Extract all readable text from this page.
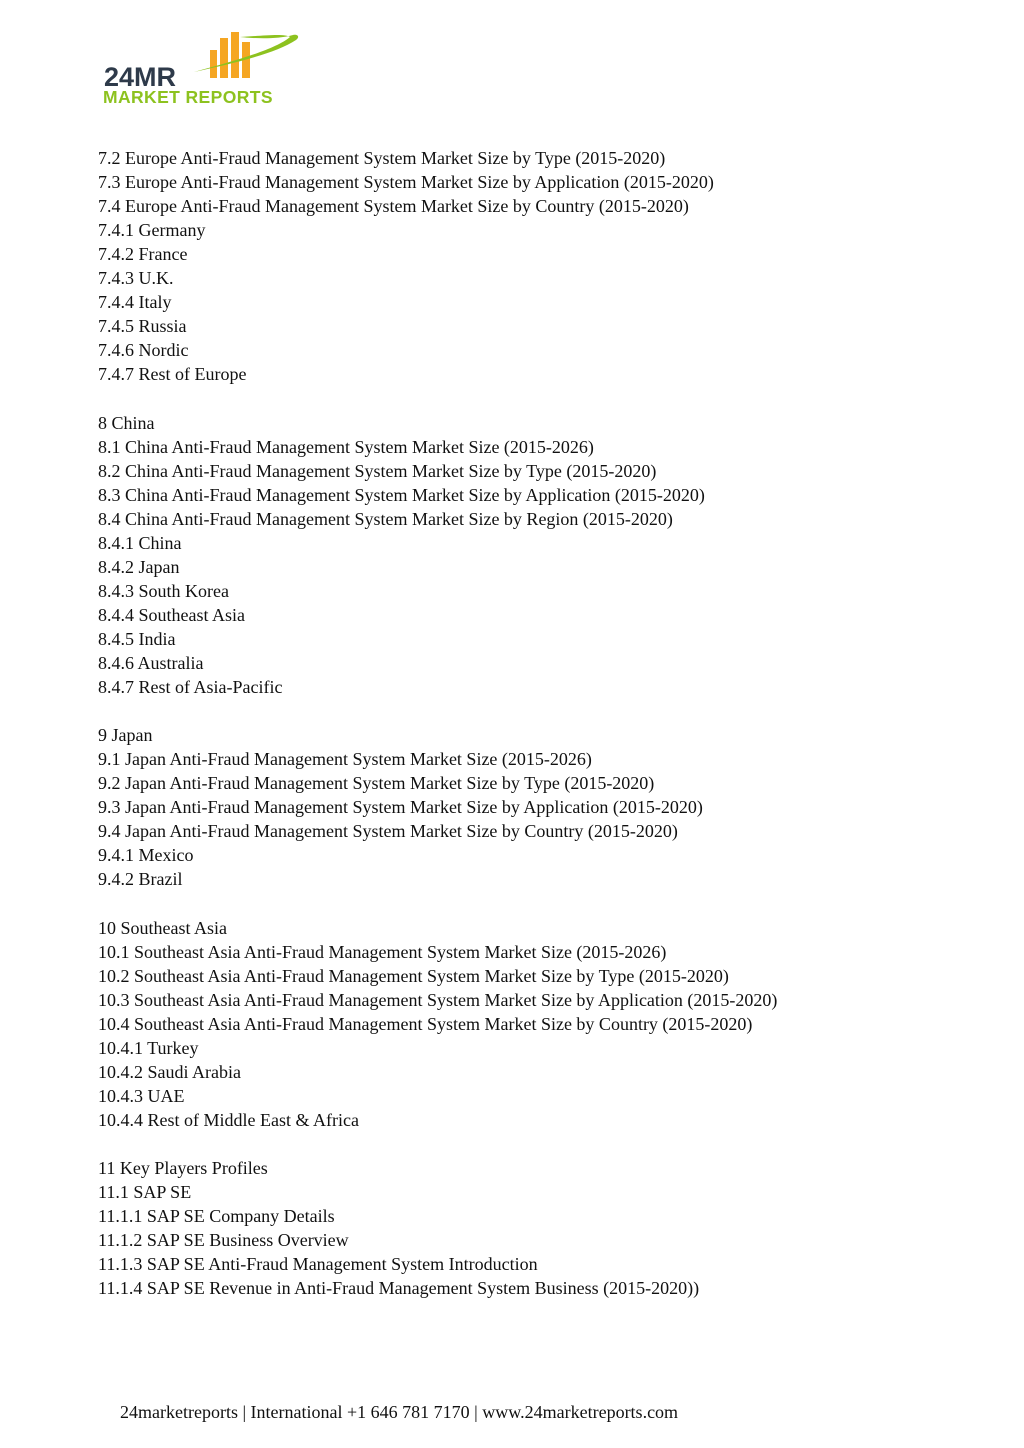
24MR
MARKET REPORTS
7.2 Europe Anti-Fraud Management System Market Size by Type (2015-2020)
7.3 Europe Anti-Fraud Management System Market Size by Application (2015-2020)
7.4 Europe Anti-Fraud Management System Market Size by Country (2015-2020)
7.4.1 Germany
7.4.2 France
7.4.3 U.K.
7.4.4 Italy
7.4.5 Russia
7.4.6 Nordic
7.4.7 Rest of Europe
8 China
8.1 China Anti-Fraud Management System Market Size (2015-2026)
8.2 China Anti-Fraud Management System Market Size by Type (2015-2020)
8.3 China Anti-Fraud Management System Market Size by Application (2015-2020)
8.4 China Anti-Fraud Management System Market Size by Region (2015-2020)
8.4.1 China
8.4.2 Japan
8.4.3 South Korea
8.4.4 Southeast Asia
8.4.5 India
8.4.6 Australia
8.4.7 Rest of Asia-Pacific
9 Japan
9.1 Japan Anti-Fraud Management System Market Size (2015-2026)
9.2 Japan Anti-Fraud Management System Market Size by Type (2015-2020)
9.3 Japan Anti-Fraud Management System Market Size by Application (2015-2020)
9.4 Japan Anti-Fraud Management System Market Size by Country (2015-2020)
9.4.1 Mexico
9.4.2 Brazil
10 Southeast Asia
10.1 Southeast Asia Anti-Fraud Management System Market Size (2015-2026)
10.2 Southeast Asia Anti-Fraud Management System Market Size by Type (2015-2020)
10.3 Southeast Asia Anti-Fraud Management System Market Size by Application (2015-2020)
10.4 Southeast Asia Anti-Fraud Management System Market Size by Country (2015-2020)
10.4.1 Turkey
10.4.2 Saudi Arabia
10.4.3 UAE
10.4.4 Rest of Middle East & Africa
11 Key Players Profiles
11.1 SAP SE
11.1.1 SAP SE Company Details
11.1.2 SAP SE Business Overview
11.1.3 SAP SE Anti-Fraud Management System Introduction
11.1.4 SAP SE Revenue in Anti-Fraud Management System Business (2015-2020))
24marketreports | International +1 646 781 7170 | www.24marketreports.com
